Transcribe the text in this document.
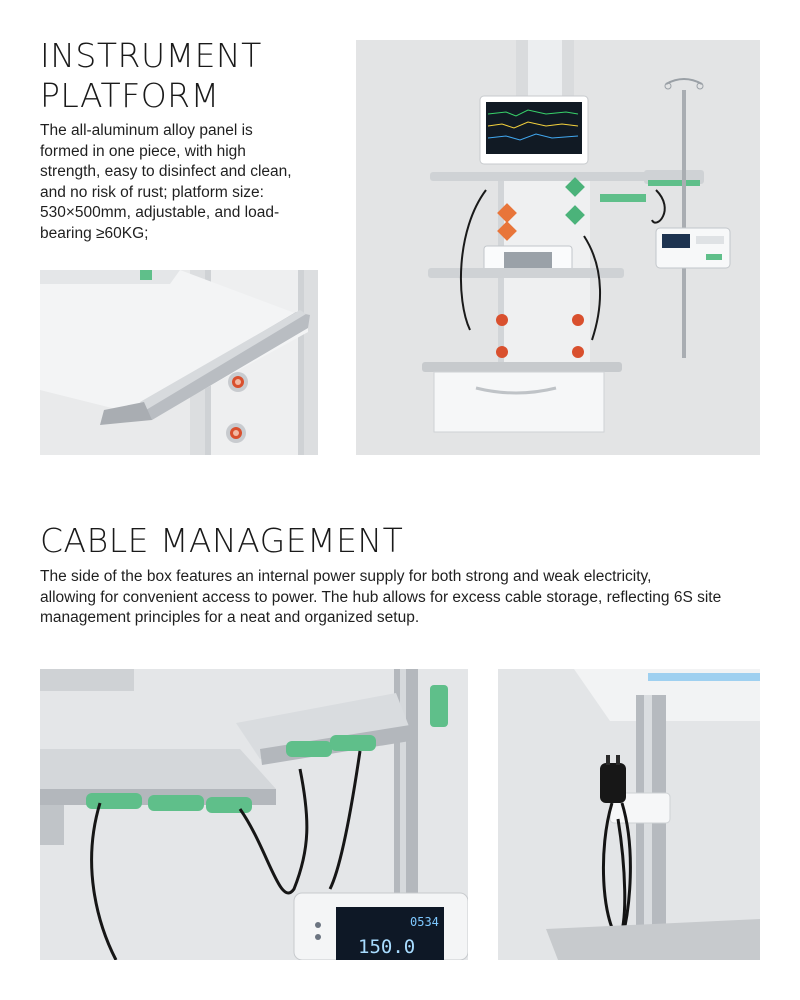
INSTRUMENT
PLATFORM
The all-aluminum alloy panel is
formed in one piece, with high
strength, easy to disinfect and clean,
and no risk of rust; platform size:
530×500mm, adjustable, and load-
bearing ≥60KG;
CABLE MANAGEMENT
The side of the box features an internal power supply for both strong and weak electricity,
allowing for convenient access to power. The hub allows for excess cable storage, reflecting 6S site
management principles for a neat and organized setup.
0534
150.0
